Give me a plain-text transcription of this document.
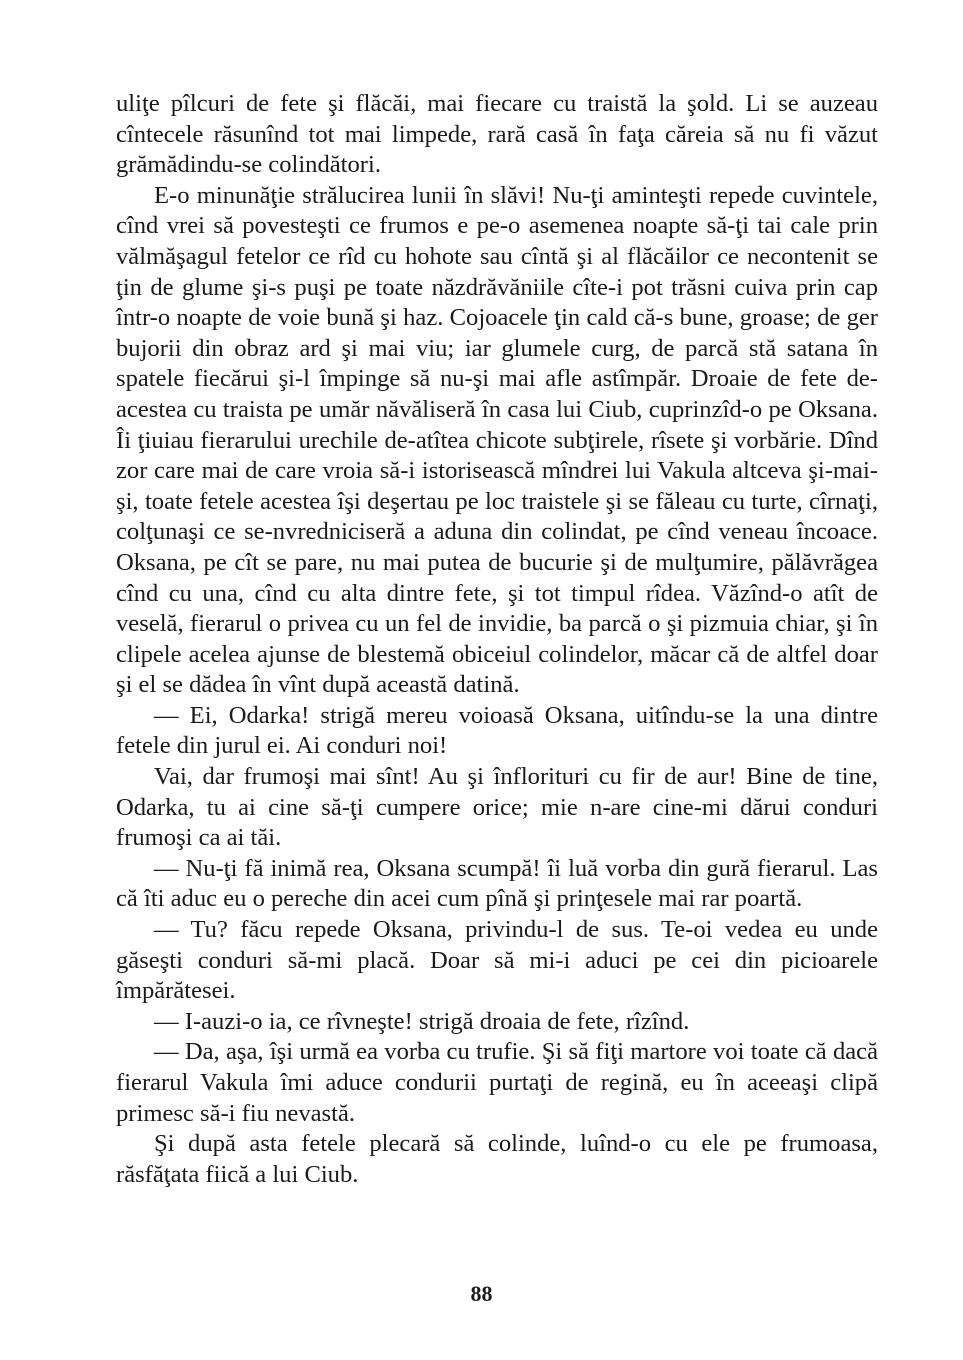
uliţe pîlcuri de fete şi flăcăi, mai fiecare cu traistă la şold. Li se auzeau cîntecele răsunînd tot mai limpede, rară casă în faţa căreia să nu fi văzut grămădindu-se colindători.

E-o minunăţie strălucirea lunii în slăvi! Nu-ţi aminteşti repede cuvintele, cînd vrei să povesteşti ce frumos e pe-o asemenea noapte să-ţi tai cale prin vălmăşagul fetelor ce rîd cu hohote sau cîntă şi al flăcăilor ce necontenit se ţin de glume şi-s puşi pe toate năzdrăvăniile cîte-i pot trăsni cuiva prin cap într-o noapte de voie bună şi haz. Cojoacele ţin cald că-s bune, groase; de ger bujorii din obraz ard şi mai viu; iar glumele curg, de parcă stă satana în spatele fiecărui şi-l împinge să nu-şi mai afle astîmpăr. Droaie de fete de-acestea cu traista pe umăr năvăliseră în casa lui Ciub, cuprinzîd-o pe Oksana. Îi ţiuiau fierarului urechile de-atîtea chicote subţirele, rîsete şi vorbărie. Dînd zor care mai de care vroia să-i istorisească mîndrei lui Vakula altceva şi-mai-şi, toate fetele acestea îşi deşertau pe loc traistele şi se făleau cu turte, cîrnaţi, colţunaşi ce se-nvredniciseră a aduna din colindat, pe cînd veneau încoace. Oksana, pe cît se pare, nu mai putea de bucurie şi de mulţumire, pălăvrăgea cînd cu una, cînd cu alta dintre fete, şi tot timpul rîdea. Văzînd-o atît de veselă, fierarul o privea cu un fel de invidie, ba parcă o şi pizmuia chiar, şi în clipele acelea ajunse de blestemă obiceiul colindelor, măcar că de altfel doar şi el se dădea în vînt după această datină.

— Ei, Odarka! strigă mereu voioasă Oksana, uitîndu-se la una dintre fetele din jurul ei. Ai conduri noi!

Vai, dar frumoşi mai sînt! Au şi înflorituri cu fir de aur! Bine de tine, Odarka, tu ai cine să-ţi cumpere orice; mie n-are cine-mi dărui conduri frumoşi ca ai tăi.

— Nu-ţi fă inimă rea, Oksana scumpă! îi luă vorba din gură fierarul. Las că îti aduc eu o pereche din acei cum pînă şi prinţesele mai rar poartă.

— Tu? făcu repede Oksana, privindu-l de sus. Te-oi vedea eu unde găseşti conduri să-mi placă. Doar să mi-i aduci pe cei din picioarele împărătesei.

— I-auzi-o ia, ce rîvneşte! strigă droaia de fete, rîzînd.

— Da, aşa, îşi urmă ea vorba cu trufie. Şi să fiţi martore voi toate că dacă fierarul Vakula îmi aduce condurii purtaţi de regină, eu în aceeaşi clipă primesc să-i fiu nevastă.

Şi după asta fetele plecară să colinde, luînd-o cu ele pe frumoasa, răsfăţata fiică a lui Ciub.

88
